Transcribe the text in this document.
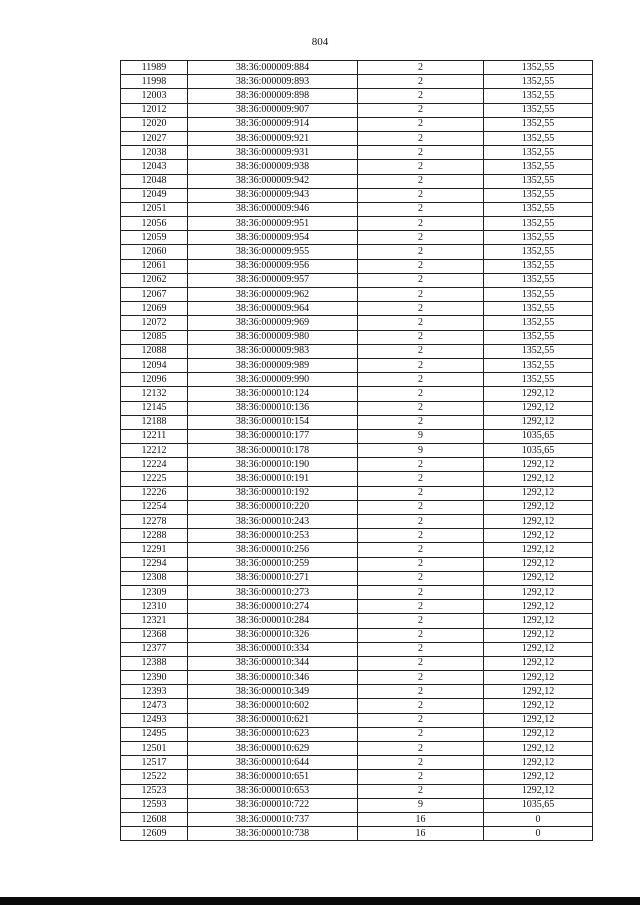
804
11989	38:36:000009:884	2	1352,55
11998	38:36:000009:893	2	1352,55
12003	38:36:000009:898	2	1352,55
12012	38:36:000009:907	2	1352,55
12020	38:36:000009:914	2	1352,55
12027	38:36:000009:921	2	1352,55
12038	38:36:000009:931	2	1352,55
12043	38:36:000009:938	2	1352,55
12048	38:36:000009:942	2	1352,55
12049	38:36:000009:943	2	1352,55
12051	38:36:000009:946	2	1352,55
12056	38:36:000009:951	2	1352,55
12059	38:36:000009:954	2	1352,55
12060	38:36:000009:955	2	1352,55
12061	38:36:000009:956	2	1352,55
12062	38:36:000009:957	2	1352,55
12067	38:36:000009:962	2	1352,55
12069	38:36:000009:964	2	1352,55
12072	38:36:000009:969	2	1352,55
12085	38:36:000009:980	2	1352,55
12088	38:36:000009:983	2	1352,55
12094	38:36:000009:989	2	1352,55
12096	38:36:000009:990	2	1352,55
12132	38:36:000010:124	2	1292,12
12145	38:36:000010:136	2	1292,12
12188	38:36:000010:154	2	1292,12
12211	38:36:000010:177	9	1035,65
12212	38:36:000010:178	9	1035,65
12224	38:36:000010:190	2	1292,12
12225	38:36:000010:191	2	1292,12
12226	38:36:000010:192	2	1292,12
12254	38:36:000010:220	2	1292,12
12278	38:36:000010:243	2	1292,12
12288	38:36:000010:253	2	1292,12
12291	38:36:000010:256	2	1292,12
12294	38:36:000010:259	2	1292,12
12308	38:36:000010:271	2	1292,12
12309	38:36:000010:273	2	1292,12
12310	38:36:000010:274	2	1292,12
12321	38:36:000010:284	2	1292,12
12368	38:36:000010:326	2	1292,12
12377	38:36:000010:334	2	1292,12
12388	38:36:000010:344	2	1292,12
12390	38:36:000010:346	2	1292,12
12393	38:36:000010:349	2	1292,12
12473	38:36:000010:602	2	1292,12
12493	38:36:000010:621	2	1292,12
12495	38:36:000010:623	2	1292,12
12501	38:36:000010:629	2	1292,12
12517	38:36:000010:644	2	1292,12
12522	38:36:000010:651	2	1292,12
12523	38:36:000010:653	2	1292,12
12593	38:36:000010:722	9	1035,65
12608	38:36:000010:737	16	0
12609	38:36:000010:738	16	0
